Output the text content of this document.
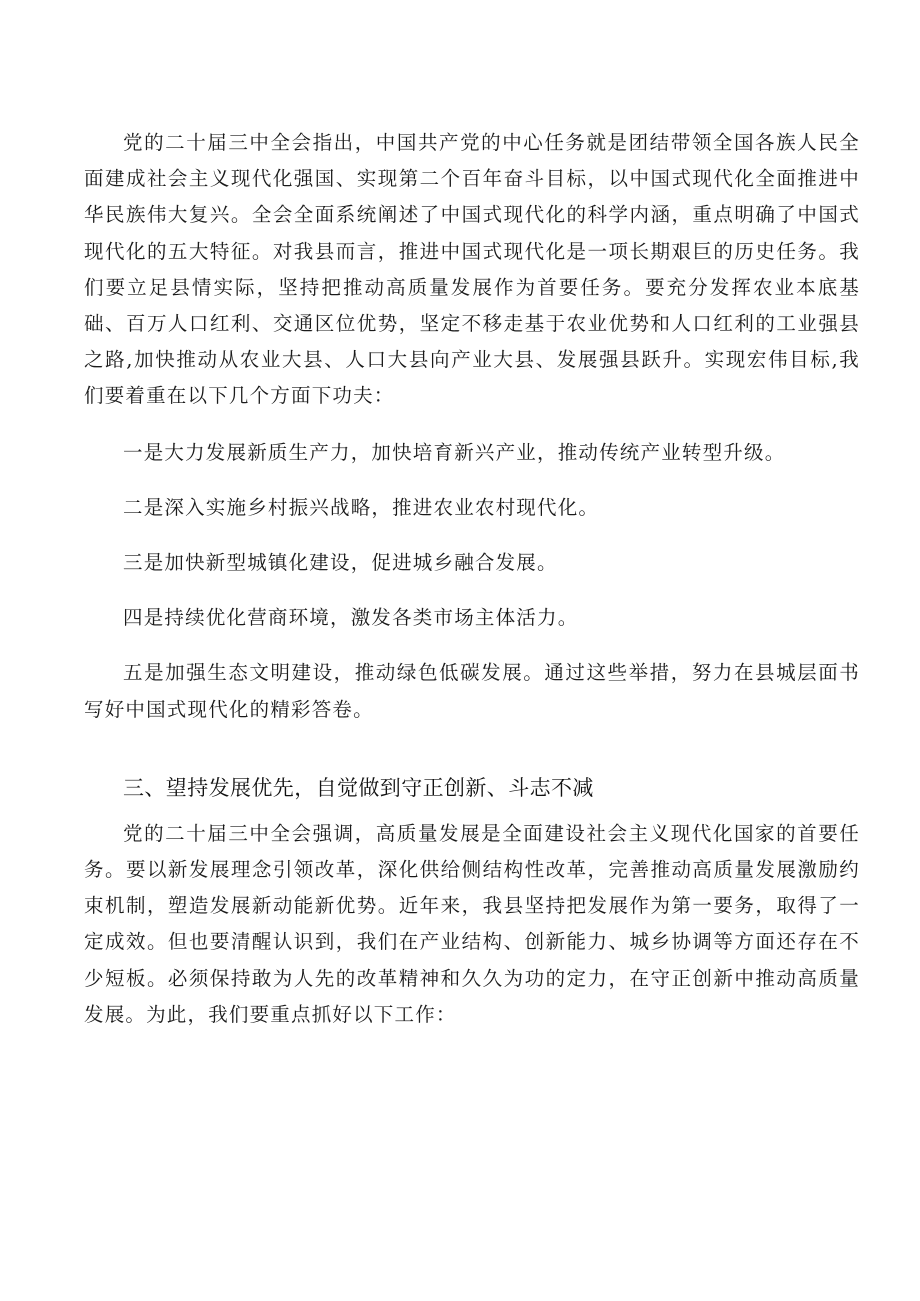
党的二十届三中全会指出，中国共产党的中心任务就是团结带领全国各族人民全面建成社会主义现代化强国、实现第二个百年奋斗目标，以中国式现代化全面推进中华民族伟大复兴。全会全面系统阐述了中国式现代化的科学内涵，重点明确了中国式现代化的五大特征。对我县而言，推进中国式现代化是一项长期艰巨的历史任务。我们要立足县情实际，坚持把推动高质量发展作为首要任务。要充分发挥农业本底基础、百万人口红利、交通区位优势，坚定不移走基于农业优势和人口红利的工业强县之路,加快推动从农业大县、人口大县向产业大县、发展强县跃升。实现宏伟目标,我们要着重在以下几个方面下功夫：

一是大力发展新质生产力，加快培育新兴产业，推动传统产业转型升级。

二是深入实施乡村振兴战略，推进农业农村现代化。

三是加快新型城镇化建设，促进城乡融合发展。

四是持续优化营商环境，激发各类市场主体活力。

五是加强生态文明建设，推动绿色低碳发展。通过这些举措，努力在县城层面书写好中国式现代化的精彩答卷。

三、望持发展优先，自觉做到守正创新、斗志不减

党的二十届三中全会强调，高质量发展是全面建设社会主义现代化国家的首要任务。要以新发展理念引领改革，深化供给侧结构性改革，完善推动高质量发展激励约束机制，塑造发展新动能新优势。近年来，我县坚持把发展作为第一要务，取得了一定成效。但也要清醒认识到，我们在产业结构、创新能力、城乡协调等方面还存在不少短板。必须保持敢为人先的改革精神和久久为功的定力，在守正创新中推动高质量发展。为此，我们要重点抓好以下工作：
